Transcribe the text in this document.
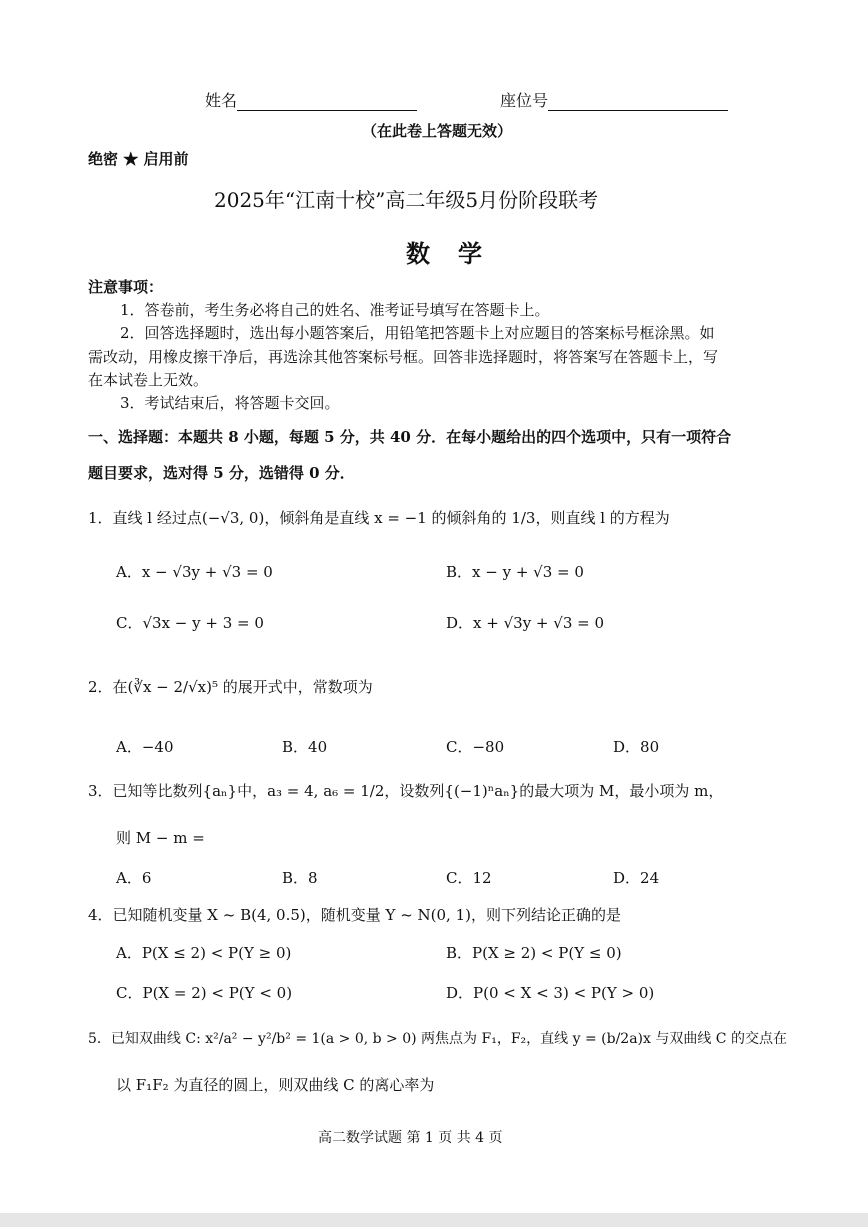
姓名	座位号
（在此卷上答题无效）
绝密 ★ 启用前
2025年“江南十校”高二年级5月份阶段联考
数　学
注意事项：
1．答卷前，考生务必将自己的姓名、准考证号填写在答题卡上。
2．回答选择题时，选出每小题答案后，用铅笔把答题卡上对应题目的答案标号框涂黑。如
需改动，用橡皮擦干净后，再选涂其他答案标号框。回答非选择题时，将答案写在答题卡上，写
在本试卷上无效。
3．考试结束后，将答题卡交回。
一、选择题：本题共 8 小题，每题 5 分，共 40 分．在每小题给出的四个选项中，只有一项符合
题目要求，选对得 5 分，选错得 0 分．
1．直线 l 经过点(−√3, 0)，倾斜角是直线 x = −1 的倾斜角的 1/3，则直线 l 的方程为
A．x − √3y + √3 = 0	B．x − y + √3 = 0
C．√3x − y + 3 = 0	D．x + √3y + √3 = 0
2．在(∛x − 2/√x)⁵ 的展开式中，常数项为
A．−40	B．40	C．−80	D．80
3．已知等比数列{aₙ}中，a₃ = 4, a₆ = 1/2，设数列{(−1)ⁿaₙ}的最大项为 M，最小项为 m，
则 M − m =
A．6	B．8	C．12	D．24
4．已知随机变量 X ~ B(4, 0.5)，随机变量 Y ~ N(0, 1)，则下列结论正确的是
A．P(X ≤ 2) < P(Y ≥ 0)	B．P(X ≥ 2) < P(Y ≤ 0)
C．P(X = 2) < P(Y < 0)	D．P(0 < X < 3) < P(Y > 0)
5．已知双曲线 C: x²/a² − y²/b² = 1(a > 0, b > 0) 两焦点为 F₁，F₂，直线 y = (b/2a)x 与双曲线 C 的交点在
以 F₁F₂ 为直径的圆上，则双曲线 C 的离心率为
高二数学试题 第 1 页 共 4 页
